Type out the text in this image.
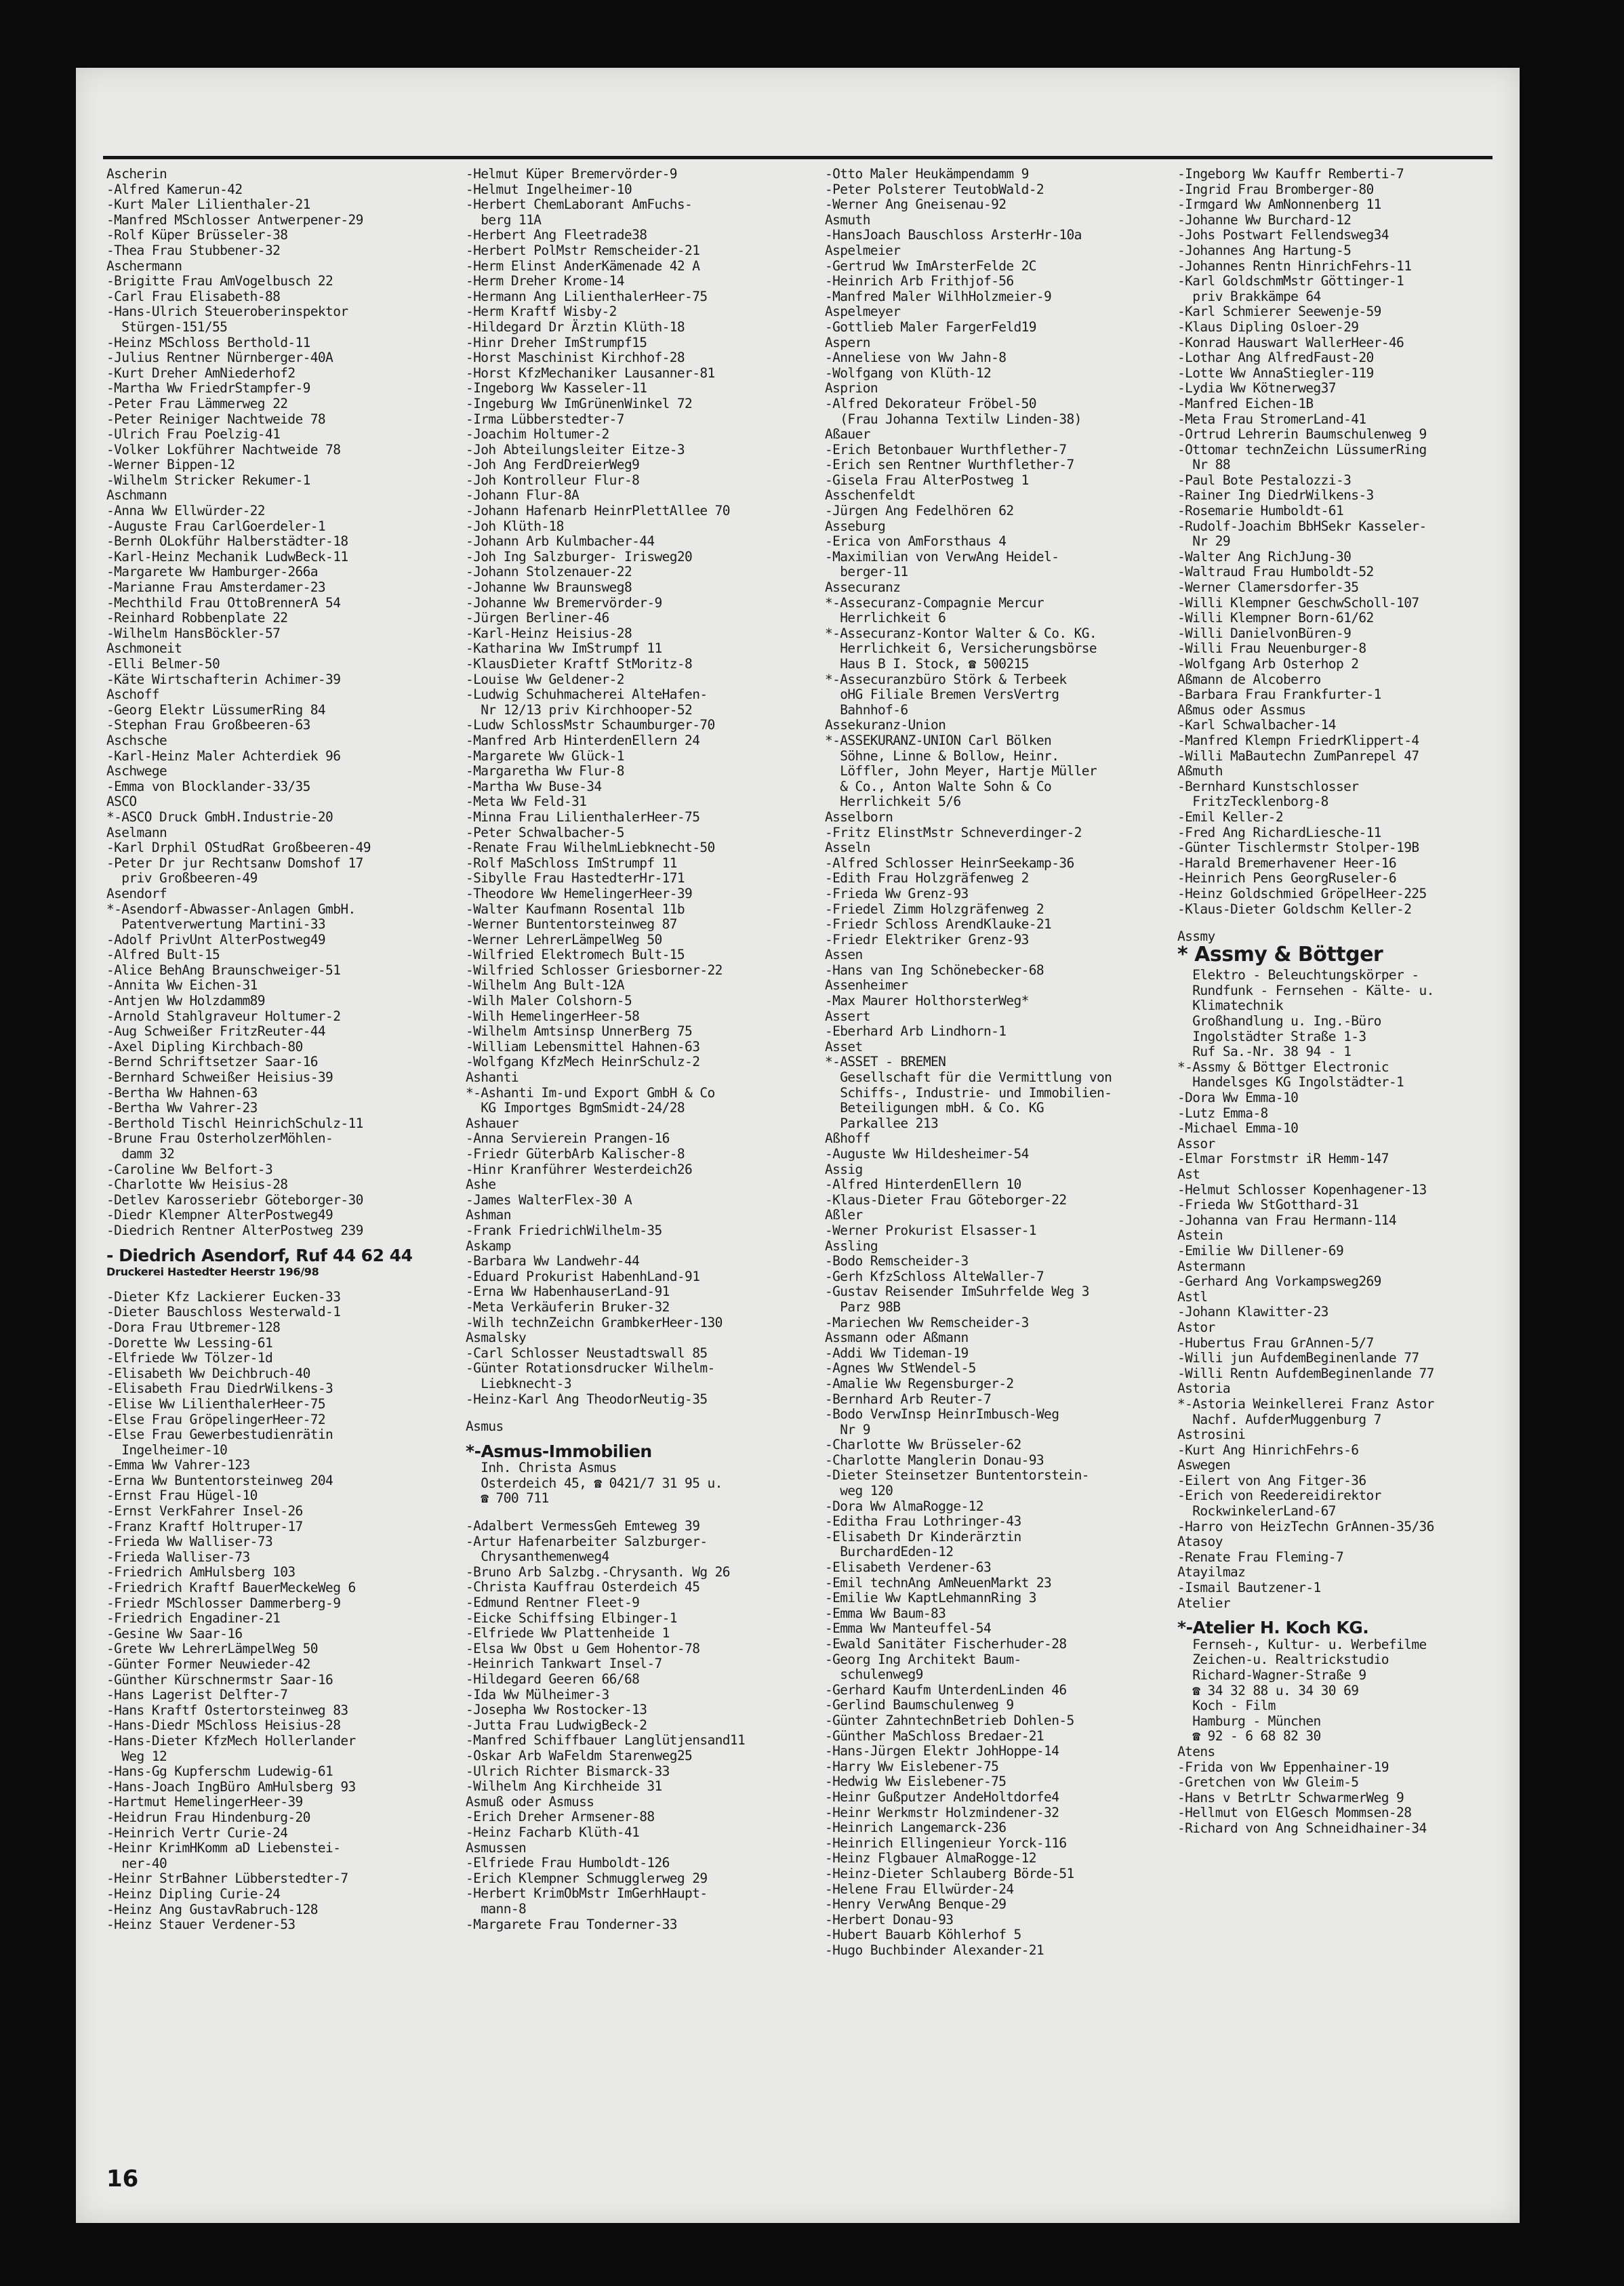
Ascherin
-Alfred Kamerun-42
-Kurt Maler Lilienthaler-21
-Manfred MSchlosser Antwerpener-29
-Rolf Küper Brüsseler-38
-Thea Frau Stubbener-32
Aschermann
-Brigitte Frau AmVogelbusch 22
-Carl Frau Elisabeth-88
-Hans-Ulrich Steueroberinspektor
Stürgen-151/55
-Heinz MSchloss Berthold-11
-Julius Rentner Nürnberger-40A
-Kurt Dreher AmNiederhof2
-Martha Ww FriedrStampfer-9
-Peter Frau Lämmerweg 22
-Peter Reiniger Nachtweide 78
-Ulrich Frau Poelzig-41
-Volker Lokführer Nachtweide 78
-Werner Bippen-12
-Wilhelm Stricker Rekumer-1
Aschmann
-Anna Ww Ellwürder-22
-Auguste Frau CarlGoerdeler-1
-Bernh OLokführ Halberstädter-18
-Karl-Heinz Mechanik LudwBeck-11
-Margarete Ww Hamburger-266a
-Marianne Frau Amsterdamer-23
-Mechthild Frau OttoBrennerA 54
-Reinhard Robbenplate 22
-Wilhelm HansBöckler-57
Aschmoneit
-Elli Belmer-50
-Käte Wirtschafterin Achimer-39
Aschoff
-Georg Elektr LüssumerRing 84
-Stephan Frau Großbeeren-63
Aschsche
-Karl-Heinz Maler Achterdiek 96
Aschwege
-Emma von Blocklander-33/35
ASCO
*-ASCO Druck GmbH.Industrie-20
Aselmann
-Karl Drphil OStudRat Großbeeren-49
-Peter Dr jur Rechtsanw Domshof 17
priv Großbeeren-49
Asendorf
*-Asendorf-Abwasser-Anlagen GmbH.
Patentverwertung Martini-33
-Adolf PrivUnt AlterPostweg49
-Alfred Bult-15
-Alice BehAng Braunschweiger-51
-Annita Ww Eichen-31
-Antjen Ww Holzdamm89
-Arnold Stahlgraveur Holtumer-2
-Aug Schweißer FritzReuter-44
-Axel Dipling Kirchbach-80
-Bernd Schriftsetzer Saar-16
-Bernhard Schweißer Heisius-39
-Bertha Ww Hahnen-63
-Bertha Ww Vahrer-23
-Berthold Tischl HeinrichSchulz-11
-Brune Frau OsterholzerMöhlen-
damm 32
-Caroline Ww Belfort-3
-Charlotte Ww Heisius-28
-Detlev Karosseriebr Göteborger-30
-Diedr Klempner AlterPostweg49
-Diedrich Rentner AlterPostweg 239
- Diedrich Asendorf, Ruf 44 62 44
Druckerei Hastedter Heerstr 196/98
-Dieter Kfz Lackierer Eucken-33
-Dieter Bauschloss Westerwald-1
-Dora Frau Utbremer-128
-Dorette Ww Lessing-61
-Elfriede Ww Tölzer-1d
-Elisabeth Ww Deichbruch-40
-Elisabeth Frau DiedrWilkens-3
-Elise Ww LilienthalerHeer-75
-Else Frau GröpelingerHeer-72
-Else Frau Gewerbestudienrätin
Ingelheimer-10
-Emma Ww Vahrer-123
-Erna Ww Buntentorsteinweg 204
-Ernst Frau Hügel-10
-Ernst VerkFahrer Insel-26
-Franz Kraftf Holtruper-17
-Frieda Ww Walliser-73
-Frieda Walliser-73
-Friedrich AmHulsberg 103
-Friedrich Kraftf BauerMeckeWeg 6
-Friedr MSchlosser Dammerberg-9
-Friedrich Engadiner-21
-Gesine Ww Saar-16
-Grete Ww LehrerLämpelWeg 50
-Günter Former Neuwieder-42
-Günther Kürschnermstr Saar-16
-Hans Lagerist Delfter-7
-Hans Kraftf Ostertorsteinweg 83
-Hans-Diedr MSchloss Heisius-28
-Hans-Dieter KfzMech Hollerlander
Weg 12
-Hans-Gg Kupferschm Ludewig-61
-Hans-Joach IngBüro AmHulsberg 93
-Hartmut HemelingerHeer-39
-Heidrun Frau Hindenburg-20
-Heinrich Vertr Curie-24
-Heinr KrimHKomm aD Liebenstei-
ner-40
-Heinr StrBahner Lübberstedter-7
-Heinz Dipling Curie-24
-Heinz Ang GustavRabruch-128
-Heinz Stauer Verdener-53
-Helmut Küper Bremervörder-9
-Helmut Ingelheimer-10
-Herbert ChemLaborant AmFuchs-
berg 11A
-Herbert Ang Fleetrade38
-Herbert PolMstr Remscheider-21
-Herm Elinst AnderKämenade 42 A
-Herm Dreher Krome-14
-Hermann Ang LilienthalerHeer-75
-Herm Kraftf Wisby-2
-Hildegard Dr Ärztin Klüth-18
-Hinr Dreher ImStrumpf15
-Horst Maschinist Kirchhof-28
-Horst KfzMechaniker Lausanner-81
-Ingeborg Ww Kasseler-11
-Ingeburg Ww ImGrünenWinkel 72
-Irma Lübberstedter-7
-Joachim Holtumer-2
-Joh Abteilungsleiter Eitze-3
-Joh Ang FerdDreierWeg9
-Joh Kontrolleur Flur-8
-Johann Flur-8A
-Johann Hafenarb HeinrPlettAllee 70
-Joh Klüth-18
-Johann Arb Kulmbacher-44
-Joh Ing Salzburger- Irisweg20
-Johann Stolzenauer-22
-Johanne Ww Braunsweg8
-Johanne Ww Bremervörder-9
-Jürgen Berliner-46
-Karl-Heinz Heisius-28
-Katharina Ww ImStrumpf 11
-KlausDieter Kraftf StMoritz-8
-Louise Ww Geldener-2
-Ludwig Schuhmacherei AlteHafen-
Nr 12/13 priv Kirchhooper-52
-Ludw SchlossMstr Schaumburger-70
-Manfred Arb HinterdenEllern 24
-Margarete Ww Glück-1
-Margaretha Ww Flur-8
-Martha Ww Buse-34
-Meta Ww Feld-31
-Minna Frau LilienthalerHeer-75
-Peter Schwalbacher-5
-Renate Frau WilhelmLiebknecht-50
-Rolf MaSchloss ImStrumpf 11
-Sibylle Frau HastedterHr-171
-Theodore Ww HemelingerHeer-39
-Walter Kaufmann Rosental 11b
-Werner Buntentorsteinweg 87
-Werner LehrerLämpelWeg 50
-Wilfried Elektromech Bult-15
-Wilfried Schlosser Griesborner-22
-Wilhelm Ang Bult-12A
-Wilh Maler Colshorn-5
-Wilh HemelingerHeer-58
-Wilhelm Amtsinsp UnnerBerg 75
-William Lebensmittel Hahnen-63
-Wolfgang KfzMech HeinrSchulz-2
Ashanti
*-Ashanti Im-und Export GmbH & Co
KG Importges BgmSmidt-24/28
Ashauer
-Anna Servierein Prangen-16
-Friedr GüterbArb Kalischer-8
-Hinr Kranführer Westerdeich26
Ashe
-James WalterFlex-30 A
Ashman
-Frank FriedrichWilhelm-35
Askamp
-Barbara Ww Landwehr-44
-Eduard Prokurist HabenhLand-91
-Erna Ww HabenhauserLand-91
-Meta Verkäuferin Bruker-32
-Wilh technZeichn GrambkerHeer-130
Asmalsky
-Carl Schlosser Neustadtswall 85
-Günter Rotationsdrucker Wilhelm-
Liebknecht-3
-Heinz-Karl Ang TheodorNeutig-35
Asmus
*-Asmus-Immobilien
Inh. Christa Asmus
Osterdeich 45, ☎ 0421/7 31 95 u.
☎ 700 711
-Adalbert VermessGeh Emteweg 39
-Artur Hafenarbeiter Salzburger-
Chrysanthemenweg4
-Bruno Arb Salzbg.-Chrysanth. Wg 26
-Christa Kauffrau Osterdeich 45
-Edmund Rentner Fleet-9
-Eicke Schiffsing Elbinger-1
-Elfriede Ww Plattenheide 1
-Elsa Ww Obst u Gem Hohentor-78
-Heinrich Tankwart Insel-7
-Hildegard Geeren 66/68
-Ida Ww Mülheimer-3
-Josepha Ww Rostocker-13
-Jutta Frau LudwigBeck-2
-Manfred Schiffbauer Langlütjensand11
-Oskar Arb WaFeldm Starenweg25
-Ulrich Richter Bismarck-33
-Wilhelm Ang Kirchheide 31
Asmuß oder Asmuss
-Erich Dreher Armsener-88
-Heinz Facharb Klüth-41
Asmussen
-Elfriede Frau Humboldt-126
-Erich Klempner Schmugglerweg 29
-Herbert KrimObMstr ImGerhHaupt-
mann-8
-Margarete Frau Tonderner-33
-Otto Maler Heukämpendamm 9
-Peter Polsterer TeutobWald-2
-Werner Ang Gneisenau-92
Asmuth
-HansJoach Bauschloss ArsterHr-10a
Aspelmeier
-Gertrud Ww ImArsterFelde 2C
-Heinrich Arb Frithjof-56
-Manfred Maler WilhHolzmeier-9
Aspelmeyer
-Gottlieb Maler FargerFeld19
Aspern
-Anneliese von Ww Jahn-8
-Wolfgang von Klüth-12
Asprion
-Alfred Dekorateur Fröbel-50
(Frau Johanna Textilw Linden-38)
Aßauer
-Erich Betonbauer Wurthflether-7
-Erich sen Rentner Wurthflether-7
-Gisela Frau AlterPostweg 1
Asschenfeldt
-Jürgen Ang Fedelhören 62
Asseburg
-Erica von AmForsthaus 4
-Maximilian von VerwAng Heidel-
berger-11
Assecuranz
*-Assecuranz-Compagnie Mercur
Herrlichkeit 6
*-Assecuranz-Kontor Walter & Co. KG.
Herrlichkeit 6, Versicherungsbörse
Haus B I. Stock, ☎ 500215
*-Assecuranzbüro Störk & Terbeek
oHG Filiale Bremen VersVertrg
Bahnhof-6
Assekuranz-Union
*-ASSEKURANZ-UNION Carl Bölken
Söhne, Linne & Bollow, Heinr.
Löffler, John Meyer, Hartje Müller
& Co., Anton Walte Sohn & Co
Herrlichkeit 5/6
Asselborn
-Fritz ElinstMstr Schneverdinger-2
Asseln
-Alfred Schlosser HeinrSeekamp-36
-Edith Frau Holzgräfenweg 2
-Frieda Ww Grenz-93
-Friedel Zimm Holzgräfenweg 2
-Friedr Schloss ArendKlauke-21
-Friedr Elektriker Grenz-93
Assen
-Hans van Ing Schönebecker-68
Assenheimer
-Max Maurer HolthorsterWeg*
Assert
-Eberhard Arb Lindhorn-1
Asset
*-ASSET - BREMEN
Gesellschaft für die Vermittlung von
Schiffs-, Industrie- und Immobilien-
Beteiligungen mbH. & Co. KG
Parkallee 213
Aßhoff
-Auguste Ww Hildesheimer-54
Assig
-Alfred HinterdenEllern 10
-Klaus-Dieter Frau Göteborger-22
Aßler
-Werner Prokurist Elsasser-1
Assling
-Bodo Remscheider-3
-Gerh KfzSchloss AlteWaller-7
-Gustav Reisender ImSuhrfelde Weg 3
Parz 98B
-Mariechen Ww Remscheider-3
Assmann oder Aßmann
-Addi Ww Tideman-19
-Agnes Ww StWendel-5
-Amalie Ww Regensburger-2
-Bernhard Arb Reuter-7
-Bodo VerwInsp HeinrImbusch-Weg
Nr 9
-Charlotte Ww Brüsseler-62
-Charlotte Manglerin Donau-93
-Dieter Steinsetzer Buntentorstein-
weg 120
-Dora Ww AlmaRogge-12
-Editha Frau Lothringer-43
-Elisabeth Dr Kinderärztin
BurchardEden-12
-Elisabeth Verdener-63
-Emil technAng AmNeuenMarkt 23
-Emilie Ww KaptLehmannRing 3
-Emma Ww Baum-83
-Emma Ww Manteuffel-54
-Ewald Sanitäter Fischerhuder-28
-Georg Ing Architekt Baum-
schulenweg9
-Gerhard Kaufm UnterdenLinden 46
-Gerlind Baumschulenweg 9
-Günter ZahntechnBetrieb Dohlen-5
-Günther MaSchloss Bredaer-21
-Hans-Jürgen Elektr JohHoppe-14
-Harry Ww Eislebener-75
-Hedwig Ww Eislebener-75
-Heinr Gußputzer AndeHoltdorfe4
-Heinr Werkmstr Holzmindener-32
-Heinrich Langemarck-236
-Heinrich Ellingenieur Yorck-116
-Heinz Flgbauer AlmaRogge-12
-Heinz-Dieter Schlauberg Börde-51
-Helene Frau Ellwürder-24
-Henry VerwAng Benque-29
-Herbert Donau-93
-Hubert Bauarb Köhlerhof 5
-Hugo Buchbinder Alexander-21
-Ingeborg Ww Kauffr Remberti-7
-Ingrid Frau Bromberger-80
-Irmgard Ww AmNonnenberg 11
-Johanne Ww Burchard-12
-Johs Postwart Fellendsweg34
-Johannes Ang Hartung-5
-Johannes Rentn HinrichFehrs-11
-Karl GoldschmMstr Göttinger-1
priv Brakkämpe 64
-Karl Schmierer Seewenje-59
-Klaus Dipling Osloer-29
-Konrad Hauswart WallerHeer-46
-Lothar Ang AlfredFaust-20
-Lotte Ww AnnaStiegler-119
-Lydia Ww Kötnerweg37
-Manfred Eichen-1B
-Meta Frau StromerLand-41
-Ortrud Lehrerin Baumschulenweg 9
-Ottomar technZeichn LüssumerRing
Nr 88
-Paul Bote Pestalozzi-3
-Rainer Ing DiedrWilkens-3
-Rosemarie Humboldt-61
-Rudolf-Joachim BbHSekr Kasseler-
Nr 29
-Walter Ang RichJung-30
-Waltraud Frau Humboldt-52
-Werner Clamersdorfer-35
-Willi Klempner GeschwScholl-107
-Willi Klempner Born-61/62
-Willi DanielvonBüren-9
-Willi Frau Neuenburger-8
-Wolfgang Arb Osterhop 2
Aßmann de Alcoberro
-Barbara Frau Frankfurter-1
Aßmus oder Assmus
-Karl Schwalbacher-14
-Manfred Klempn FriedrKlippert-4
-Willi MaBautechn ZumPanrepel 47
Aßmuth
-Bernhard Kunstschlosser
FritzTecklenborg-8
-Emil Keller-2
-Fred Ang RichardLiesche-11
-Günter Tischlermstr Stolper-19B
-Harald Bremerhavener Heer-16
-Heinrich Pens GeorgRuseler-6
-Heinz Goldschmied GröpelHeer-225
-Klaus-Dieter Goldschm Keller-2
Assmy
* Assmy & Böttger
Elektro - Beleuchtungskörper -
Rundfunk - Fernsehen - Kälte- u.
Klimatechnik
Großhandlung u. Ing.-Büro
Ingolstädter Straße 1-3
Ruf Sa.-Nr. 38 94 - 1
*-Assmy & Böttger Electronic
Handelsges KG Ingolstädter-1
-Dora Ww Emma-10
-Lutz Emma-8
-Michael Emma-10
Assor
-Elmar Forstmstr iR Hemm-147
Ast
-Helmut Schlosser Kopenhagener-13
-Frieda Ww StGotthard-31
-Johanna van Frau Hermann-114
Astein
-Emilie Ww Dillener-69
Astermann
-Gerhard Ang Vorkampsweg269
Astl
-Johann Klawitter-23
Astor
-Hubertus Frau GrAnnen-5/7
-Willi jun AufdemBeginenlande 77
-Willi Rentn AufdemBeginenlande 77
Astoria
*-Astoria Weinkellerei Franz Astor
Nachf. AufderMuggenburg 7
Astrosini
-Kurt Ang HinrichFehrs-6
Aswegen
-Eilert von Ang Fitger-36
-Erich von Reedereidirektor
RockwinkelerLand-67
-Harro von HeizTechn GrAnnen-35/36
Atasoy
-Renate Frau Fleming-7
Atayilmaz
-Ismail Bautzener-1
Atelier
*-Atelier H. Koch KG.
Fernseh-, Kultur- u. Werbefilme
Zeichen-u. Realtrickstudio
Richard-Wagner-Straße 9
☎ 34 32 88 u. 34 30 69
Koch - Film
Hamburg - München
☎ 92 - 6 68 82 30
Atens
-Frida von Ww Eppenhainer-19
-Gretchen von Ww Gleim-5
-Hans v BetrLtr SchwarmerWeg 9
-Hellmut von ElGesch Mommsen-28
-Richard von Ang Schneidhainer-34
16
